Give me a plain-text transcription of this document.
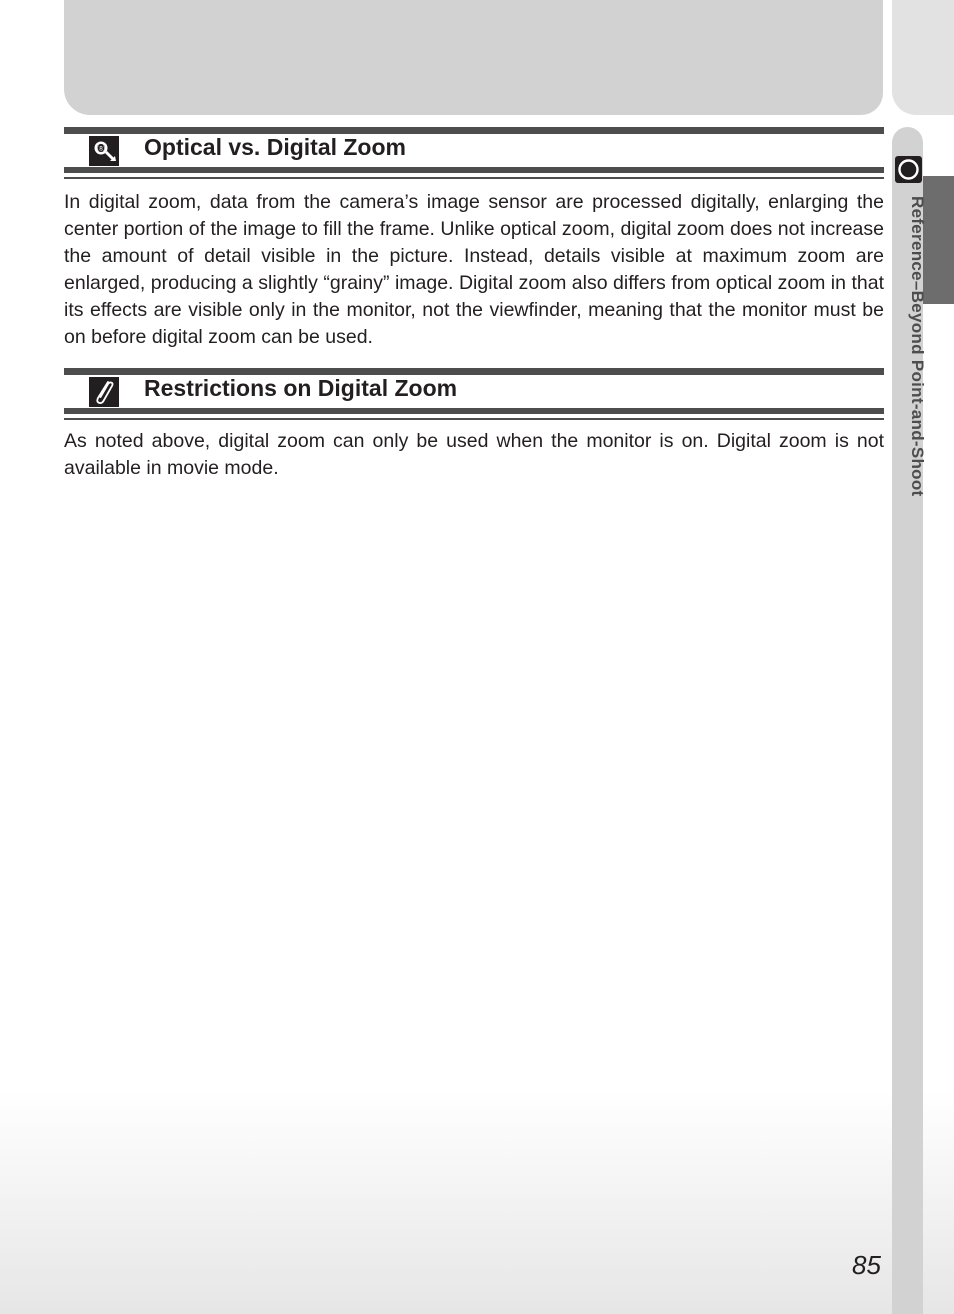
Reference–Beyond Point-and-Shoot
(8) Optical vs. Digital Zoom
In digital zoom, data from the camera’s image sensor are processed digitally, enlarging the center portion of the image to fill the frame. Unlike optical zoom, digital zoom does not increase the amount of detail visible in the picture. Instead, details visible at maximum zoom are enlarged, producing a slightly “grainy” image. Digital zoom also differs from optical zoom in that its effects are visible only in the monitor, not the viewfinder, meaning that the monitor must be on before digital zoom can be used.
Restrictions on Digital Zoom
As noted above, digital zoom can only be used when the monitor is on. Digital zoom is not available in movie mode.
85
